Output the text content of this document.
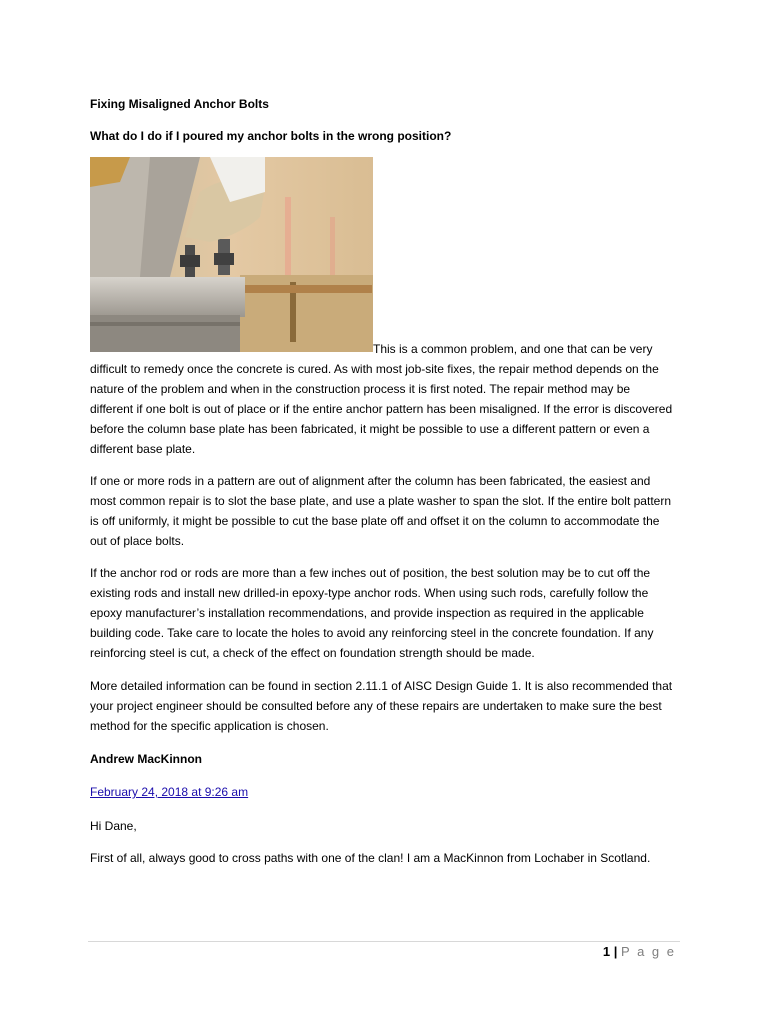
Fixing Misaligned Anchor Bolts

What do I do if I poured my anchor bolts in the wrong position?

This is a common problem, and one that can be very difficult to remedy once the concrete is cured. As with most job-site fixes, the repair method depends on the nature of the problem and when in the construction process it is first noted. The repair method may be different if one bolt is out of place or if the entire anchor pattern has been misaligned. If the error is discovered before the column base plate has been fabricated, it might be possible to use a different pattern or even a different base plate.

If one or more rods in a pattern are out of alignment after the column has been fabricated, the easiest and most common repair is to slot the base plate, and use a plate washer to span the slot. If the entire bolt pattern is off uniformly, it might be possible to cut the base plate off and offset it on the column to accommodate the out of place bolts.

If the anchor rod or rods are more than a few inches out of position, the best solution may be to cut off the existing rods and install new drilled-in epoxy-type anchor rods. When using such rods, carefully follow the epoxy manufacturer’s installation recommendations, and provide inspection as required in the applicable building code. Take care to locate the holes to avoid any reinforcing steel in the concrete foundation. If any reinforcing steel is cut, a check of the effect on foundation strength should be made.

More detailed information can be found in section 2.11.1 of AISC Design Guide 1. It is also recommended that your project engineer should be consulted before any of these repairs are undertaken to make sure the best method for the specific application is chosen.

Andrew MacKinnon

February 24, 2018 at 9:26 am

Hi Dane,

First of all, always good to cross paths with one of the clan! I am a MacKinnon from Lochaber in Scotland.

1 | P a g e
